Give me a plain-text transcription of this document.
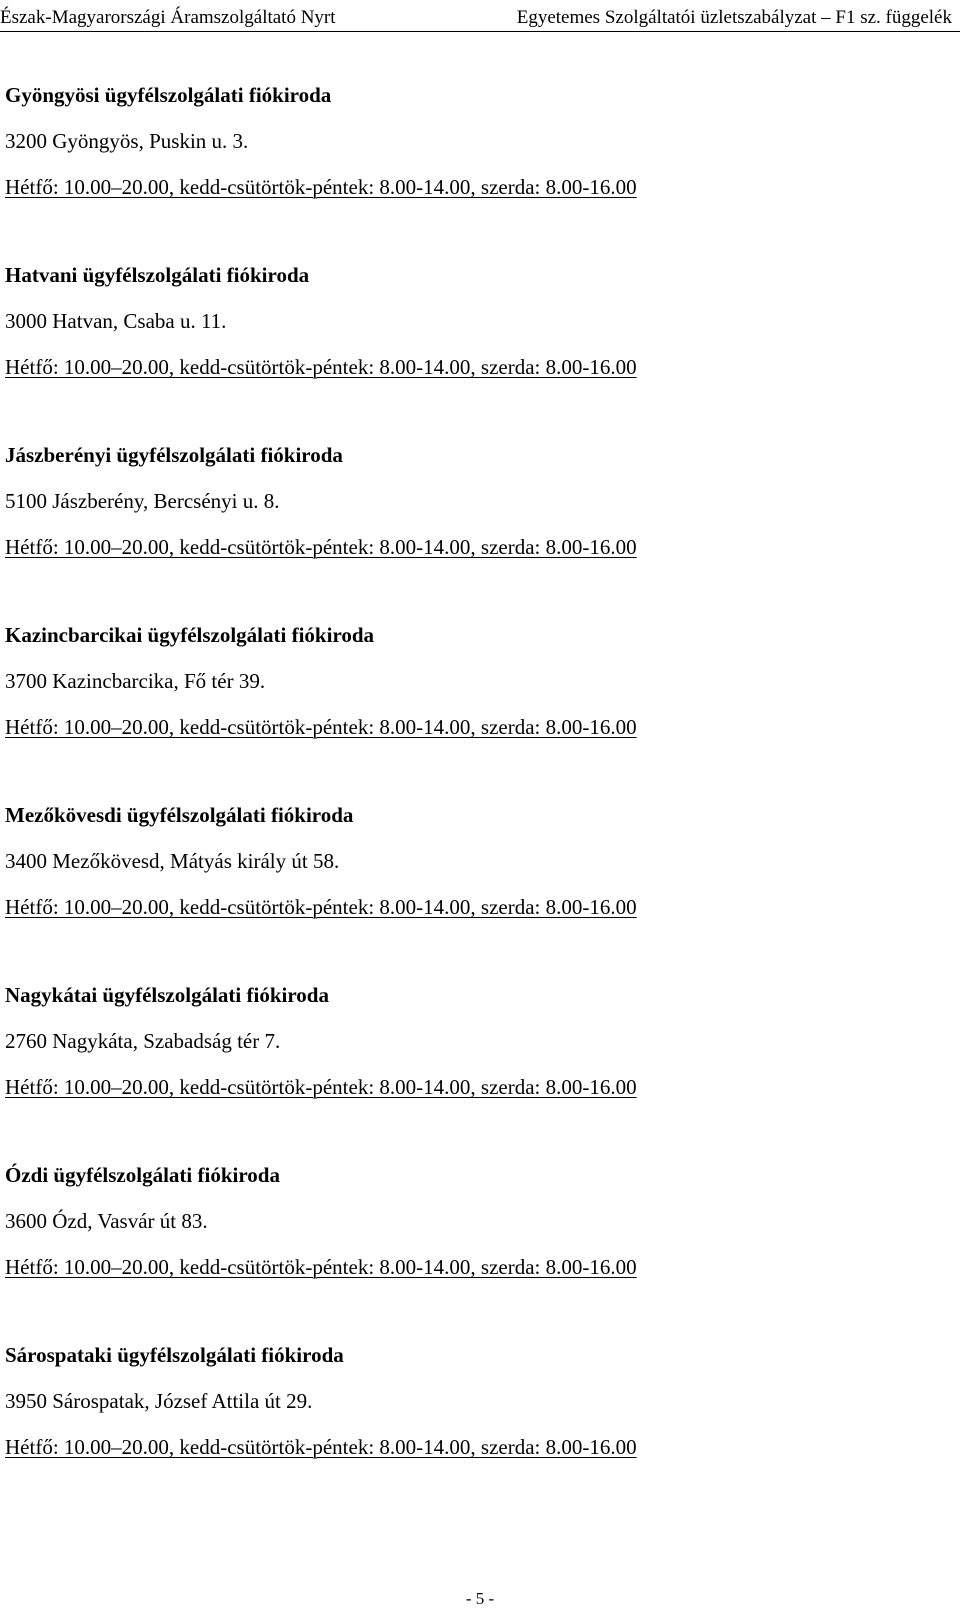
Észak-Magyarországi Áramszolgáltató Nyrt	Egyetemes Szolgáltatói üzletszabályzat – F1 sz. függelék
Gyöngyösi ügyfélszolgálati fiókiroda
3200 Gyöngyös, Puskin u. 3.
Hétfő: 10.00–20.00, kedd-csütörtök-péntek: 8.00-14.00, szerda: 8.00-16.00
Hatvani ügyfélszolgálati fiókiroda
3000 Hatvan, Csaba u. 11.
Hétfő: 10.00–20.00, kedd-csütörtök-péntek: 8.00-14.00, szerda: 8.00-16.00
Jászberényi ügyfélszolgálati fiókiroda
5100 Jászberény, Bercsényi u. 8.
Hétfő: 10.00–20.00, kedd-csütörtök-péntek: 8.00-14.00, szerda: 8.00-16.00
Kazincbarcikai ügyfélszolgálati fiókiroda
3700 Kazincbarcika, Fő tér 39.
Hétfő: 10.00–20.00, kedd-csütörtök-péntek: 8.00-14.00, szerda: 8.00-16.00
Mezőkövesdi ügyfélszolgálati fiókiroda
3400 Mezőkövesd, Mátyás király út 58.
Hétfő: 10.00–20.00, kedd-csütörtök-péntek: 8.00-14.00, szerda: 8.00-16.00
Nagykátai ügyfélszolgálati fiókiroda
2760 Nagykáta, Szabadság tér 7.
Hétfő: 10.00–20.00, kedd-csütörtök-péntek: 8.00-14.00, szerda: 8.00-16.00
Ózdi ügyfélszolgálati fiókiroda
3600 Ózd, Vasvár út 83.
Hétfő: 10.00–20.00, kedd-csütörtök-péntek: 8.00-14.00, szerda: 8.00-16.00
Sárospataki ügyfélszolgálati fiókiroda
3950 Sárospatak, József Attila út 29.
Hétfő: 10.00–20.00, kedd-csütörtök-péntek: 8.00-14.00, szerda: 8.00-16.00
- 5 -
